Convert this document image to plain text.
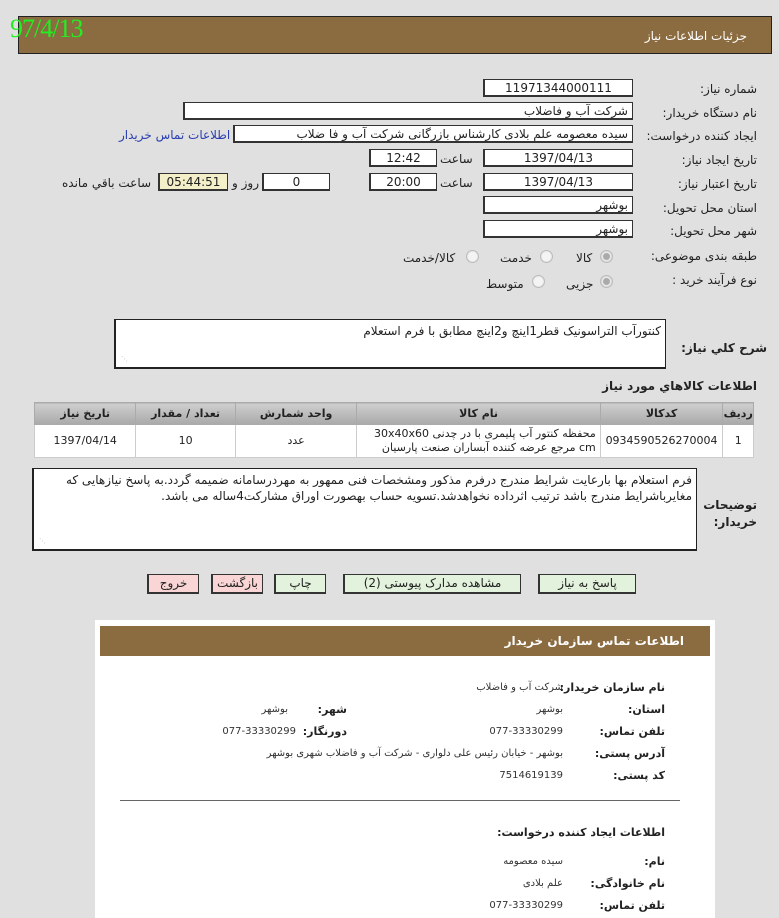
جزئیات اطلاعات نیاز
97/4/13
شماره نیاز:
11971344000111
نام دستگاه خریدار:
شرکت آب و فاضلاب
ایجاد کننده درخواست:
سیده معصومه علم بلادی کارشناس بازرگانی شرکت آب و فا ضلاب
اطلاعات تماس خریدار
تاریخ ایجاد نیاز:
1397/04/13
ساعت
12:42
تاریخ اعتبار نیاز:
1397/04/13
ساعت
20:00
0
روز و
05:44:51
ساعت باقي مانده
استان محل تحویل:
بوشهر
شهر محل تحویل:
بوشهر
طبقه بندی موضوعی:
کالا
خدمت
کالا/خدمت
نوع فرآیند خرید :
جزیی
متوسط
شرح کلي نیاز:
کنتورآب التراسونیک قطر1اینچ و2اینچ مطابق با فرم استعلام
⋰
اطلاعات کالاهاي مورد نیاز
ردیف	کدکالا	نام کالا	واحد شمارش	تعداد / مقدار	تاریخ نیاز
1	0934590526270004	محفظه کنتور آب پلیمری با در چدنی 30x40x60 cm مرجع عرضه کننده آبساران صنعت پارسیان	عدد	10	1397/04/14
توضیحات خریدار:
فرم استعلام بها بارعایت شرایط مندرج درفرم مذکور ومشخصات فنی ممهور به مهردرسامانه ضمیمه گردد.به پاسخ نیازهایی که مغایرباشرایط مندرج باشد ترتیب اثرداده نخواهدشد.تسویه حساب بهصورت اوراق مشارکت4ساله می باشد.
⋰
پاسخ به نیاز
مشاهده مدارک پیوستی (2)
چاپ
بازگشت
خروج
اطلاعات تماس سازمان خریدار
نام سازمان خریدار:
شرکت آب و فاضلاب
استان:
بوشهر
شهر:
بوشهر
تلفن تماس:
077-33330299
دورنگار:
077-33330299
آدرس پستی:
بوشهر - خیابان رئیس علی دلواری - شرکت آب و فاضلاب شهری بوشهر
کد پستی:
7514619139
اطلاعات ایجاد کننده درخواست:
نام:
سیده معصومه
نام خانوادگی:
علم بلادی
تلفن تماس:
077-33330299
